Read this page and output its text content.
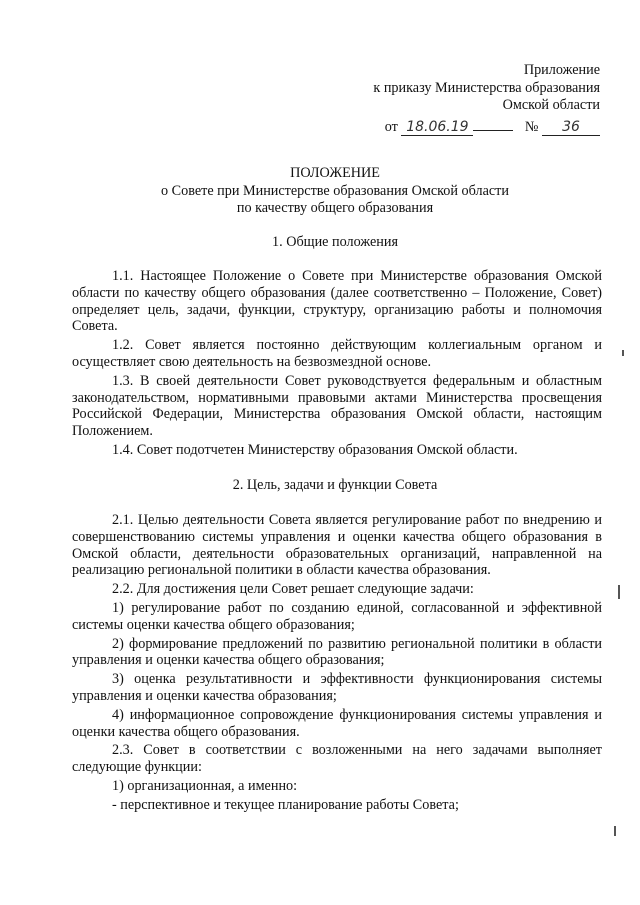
Приложение
к приказу Министерства образования
Омской области
от 18.06.19	№ 36
ПОЛОЖЕНИЕ
о Совете при Министерстве образования Омской области
по качеству общего образования
1. Общие положения

1.1. Настоящее Положение о Совете при Министерстве образования Омской области по качеству общего образования (далее соответственно – Положение, Совет) определяет цель, задачи, функции, структуру, организацию работы и полномочия Совета.

1.2. Совет является постоянно действующим коллегиальным органом и осуществляет свою деятельность на безвозмездной основе.

1.3. В своей деятельности Совет руководствуется федеральным и областным законодательством, нормативными правовыми актами Министерства просвещения Российской Федерации, Министерства образования Омской области, настоящим Положением.

1.4. Совет подотчетен Министерству образования Омской области.

2. Цель, задачи и функции Совета

2.1. Целью деятельности Совета является регулирование работ по внедрению и совершенствованию системы управления и оценки качества общего образования в Омской области, деятельности образовательных организаций, направленной на реализацию региональной политики в области качества образования.

2.2. Для достижения цели Совет решает следующие задачи:

1) регулирование работ по созданию единой, согласованной и эффективной системы оценки качества общего образования;

2) формирование предложений по развитию региональной политики в области управления и оценки качества общего образования;

3) оценка результативности и эффективности функционирования системы управления и оценки качества образования;

4) информационное сопровождение функционирования системы управления и оценки качества общего образования.

2.3. Совет в соответствии с возложенными на него задачами выполняет следующие функции:

1) организационная, а именно:

- перспективное и текущее планирование работы Совета;
